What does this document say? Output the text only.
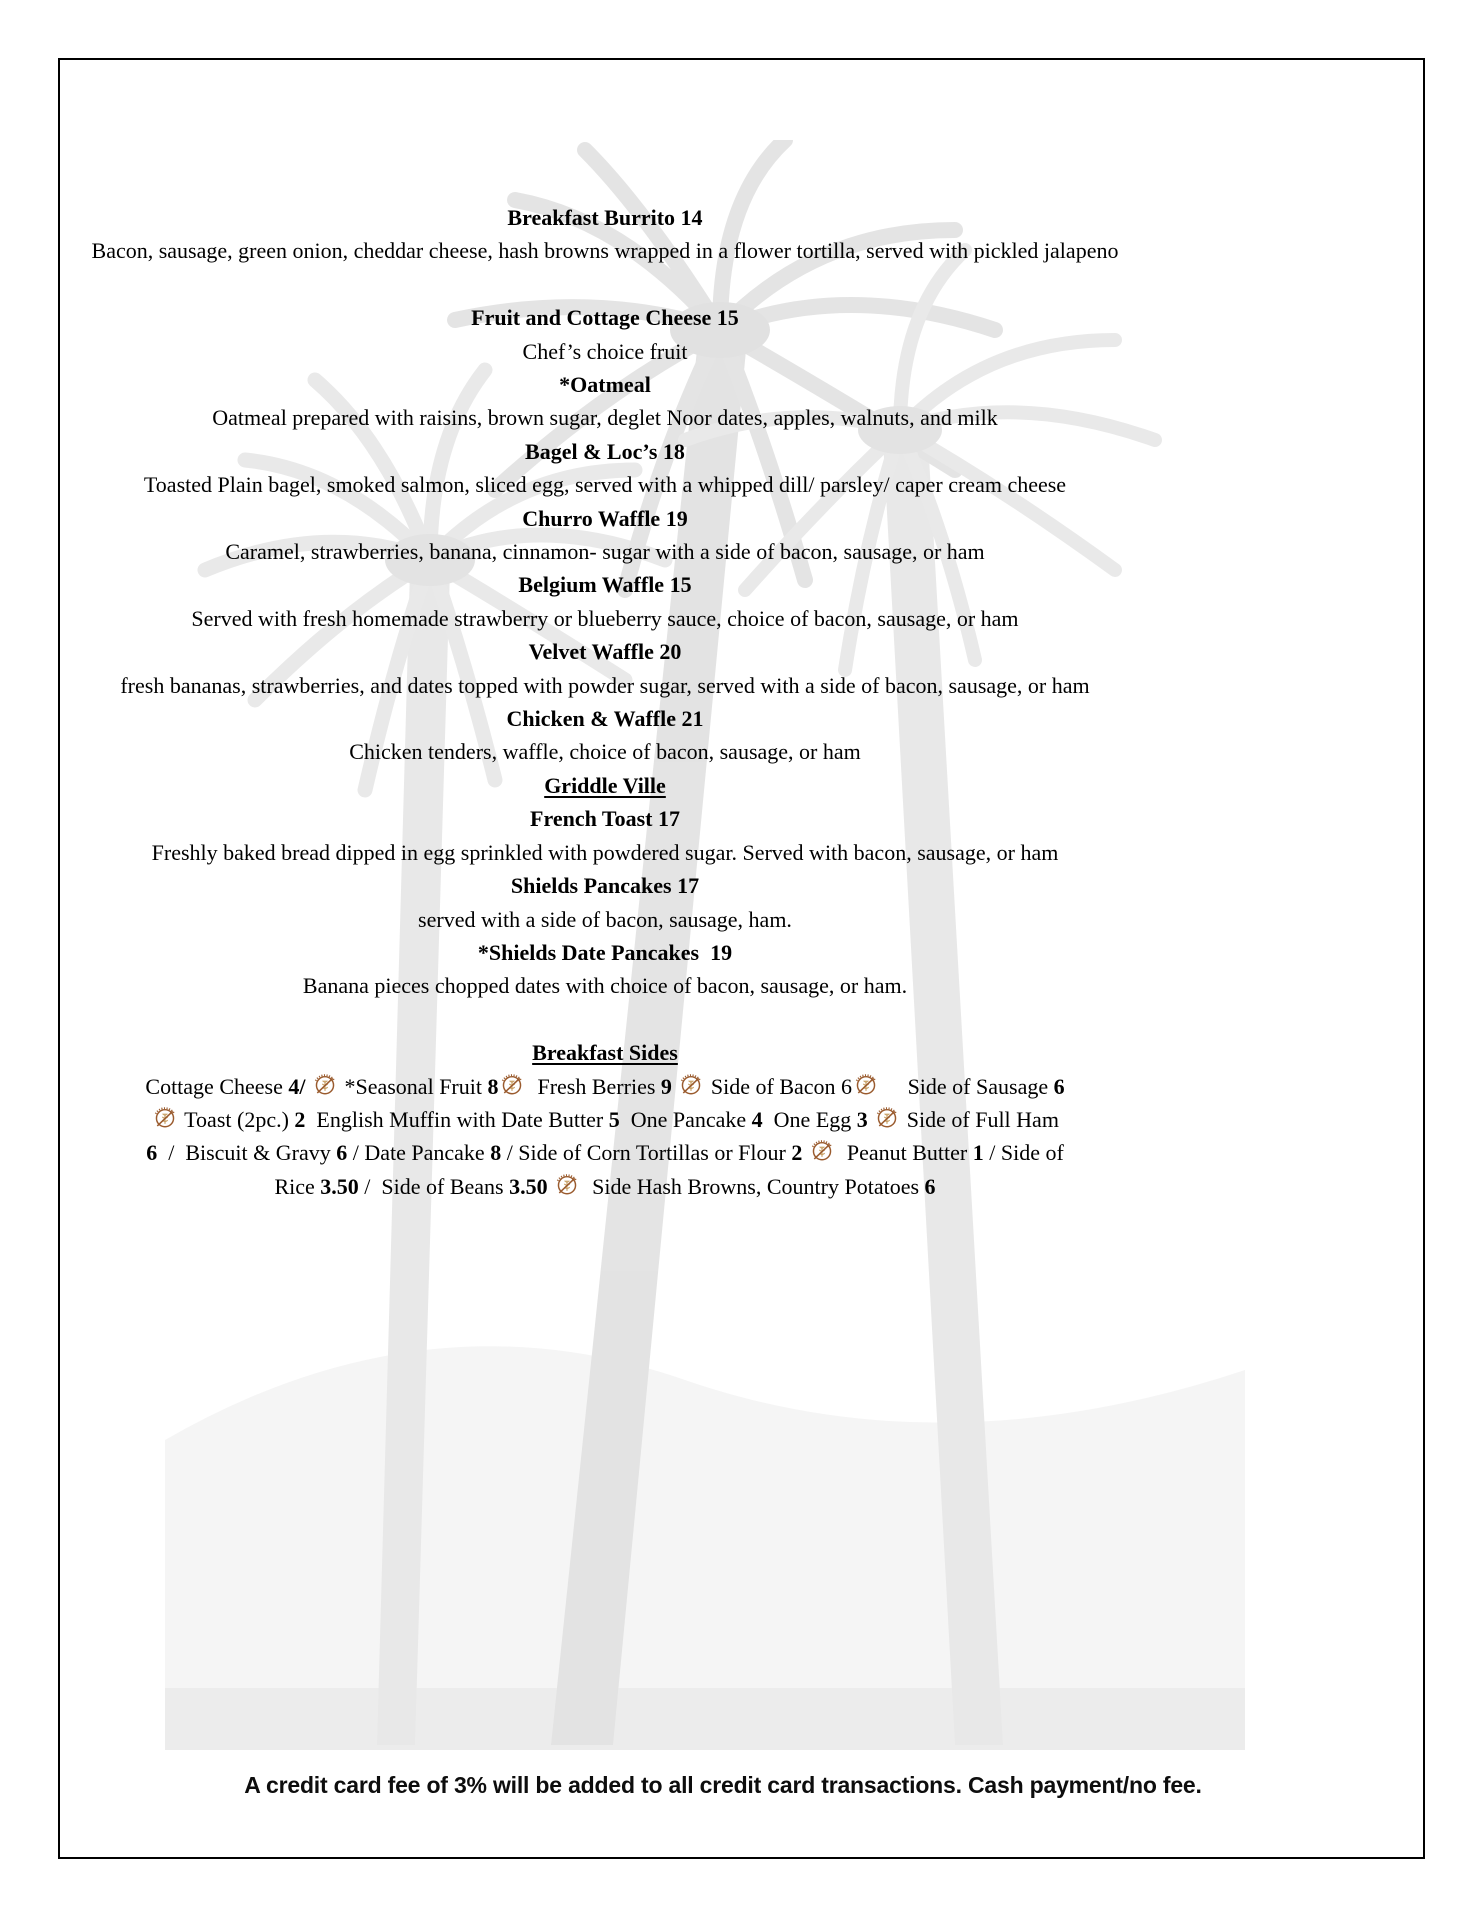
Breakfast Burrito 14
Bacon, sausage, green onion, cheddar cheese, hash browns wrapped in a flower tortilla, served with pickled jalapeno
Fruit and Cottage Cheese 15
Chef’s choice fruit
*Oatmeal
Oatmeal prepared with raisins, brown sugar, deglet Noor dates, apples, walnuts, and milk
Bagel & Loc’s 18
Toasted Plain bagel, smoked salmon, sliced egg, served with a whipped dill/ parsley/ caper cream cheese
Churro Waffle 19
Caramel, strawberries, banana, cinnamon- sugar with a side of bacon, sausage, or ham
Belgium Waffle 15
Served with fresh homemade strawberry or blueberry sauce, choice of bacon, sausage, or ham
Velvet Waffle 20
fresh bananas, strawberries, and dates topped with powder sugar, served with a side of bacon, sausage, or ham
Chicken & Waffle 21
Chicken tenders, waffle, choice of bacon, sausage, or ham
Griddle Ville
French Toast 17
Freshly baked bread dipped in egg sprinkled with powdered sugar. Served with bacon, sausage, or ham
Shields Pancakes 17
served with a side of bacon, sausage, ham.
*Shields Date Pancakes  19
Banana pieces chopped dates with choice of bacon, sausage, or ham.
Breakfast Sides
Cottage Cheese 4/
*Seasonal Fruit 8
Fresh Berries 9
Side of Bacon 6
Side of Sausage 6
Toast (2pc.) 2  English Muffin with Date Butter 5  One Pancake 4  One Egg 3
Side of Full Ham
6  /  Biscuit & Gravy 6 / Date Pancake 8 / Side of Corn Tortillas or Flour 2
Peanut Butter 1 / Side of
Rice 3.50 /  Side of Beans 3.50
Side Hash Browns, Country Potatoes 6
A credit card fee of 3% will be added to all credit card transactions. Cash payment/no fee.
